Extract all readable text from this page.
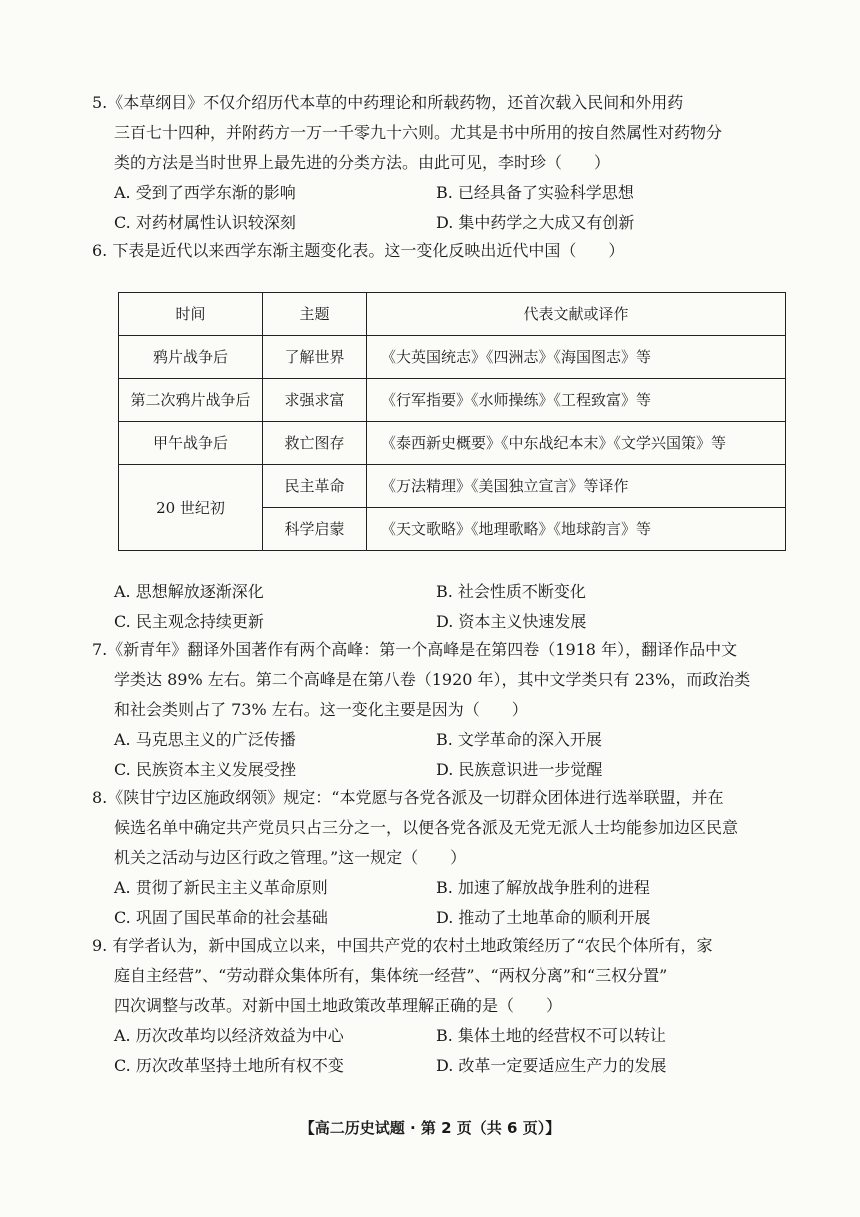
5.《本草纲目》不仅介绍历代本草的中药理论和所载药物，还首次载入民间和外用药

三百七十四种，并附药方一万一千零九十六则。尤其是书中所用的按自然属性对药物分

类的方法是当时世界上最先进的分类方法。由此可见，李时珍（　　）

A. 受到了西学东渐的影响	B. 已经具备了实验科学思想
C. 对药材属性认识较深刻	D. 集中药学之大成又有创新

6. 下表是近代以来西学东渐主题变化表。这一变化反映出近代中国（　　）

时间	主题	代表文献或译作
鸦片战争后	了解世界	《大英国统志》《四洲志》《海国图志》等
第二次鸦片战争后	求强求富	《行军指要》《水师操练》《工程致富》等
甲午战争后	救亡图存	《泰西新史概要》《中东战纪本末》《文学兴国策》等
20 世纪初	民主革命	《万法精理》《美国独立宣言》等译作
	科学启蒙	《天文歌略》《地理歌略》《地球韵言》等
A. 思想解放逐渐深化	B. 社会性质不断变化
C. 民主观念持续更新	D. 资本主义快速发展

7.《新青年》翻译外国著作有两个高峰：第一个高峰是在第四卷（1918 年），翻译作品中文

学类达 89% 左右。第二个高峰是在第八卷（1920 年），其中文学类只有 23%，而政治类

和社会类则占了 73% 左右。这一变化主要是因为（　　）

A. 马克思主义的广泛传播	B. 文学革命的深入开展
C. 民族资本主义发展受挫	D. 民族意识进一步觉醒

8.《陕甘宁边区施政纲领》规定：“本党愿与各党各派及一切群众团体进行选举联盟，并在

候选名单中确定共产党员只占三分之一，以便各党各派及无党无派人士均能参加边区民意

机关之活动与边区行政之管理。”这一规定（　　）

A. 贯彻了新民主主义革命原则	B. 加速了解放战争胜利的进程
C. 巩固了国民革命的社会基础	D. 推动了土地革命的顺利开展

9. 有学者认为，新中国成立以来，中国共产党的农村土地政策经历了“农民个体所有，家

庭自主经营”、“劳动群众集体所有，集体统一经营”、“两权分离”和“三权分置”

四次调整与改革。对新中国土地政策改革理解正确的是（　　）

A. 历次改革均以经济效益为中心	B. 集体土地的经营权不可以转让
C. 历次改革坚持土地所有权不变	D. 改革一定要适应生产力的发展
【高二历史试题 · 第 2 页（共 6 页）】
